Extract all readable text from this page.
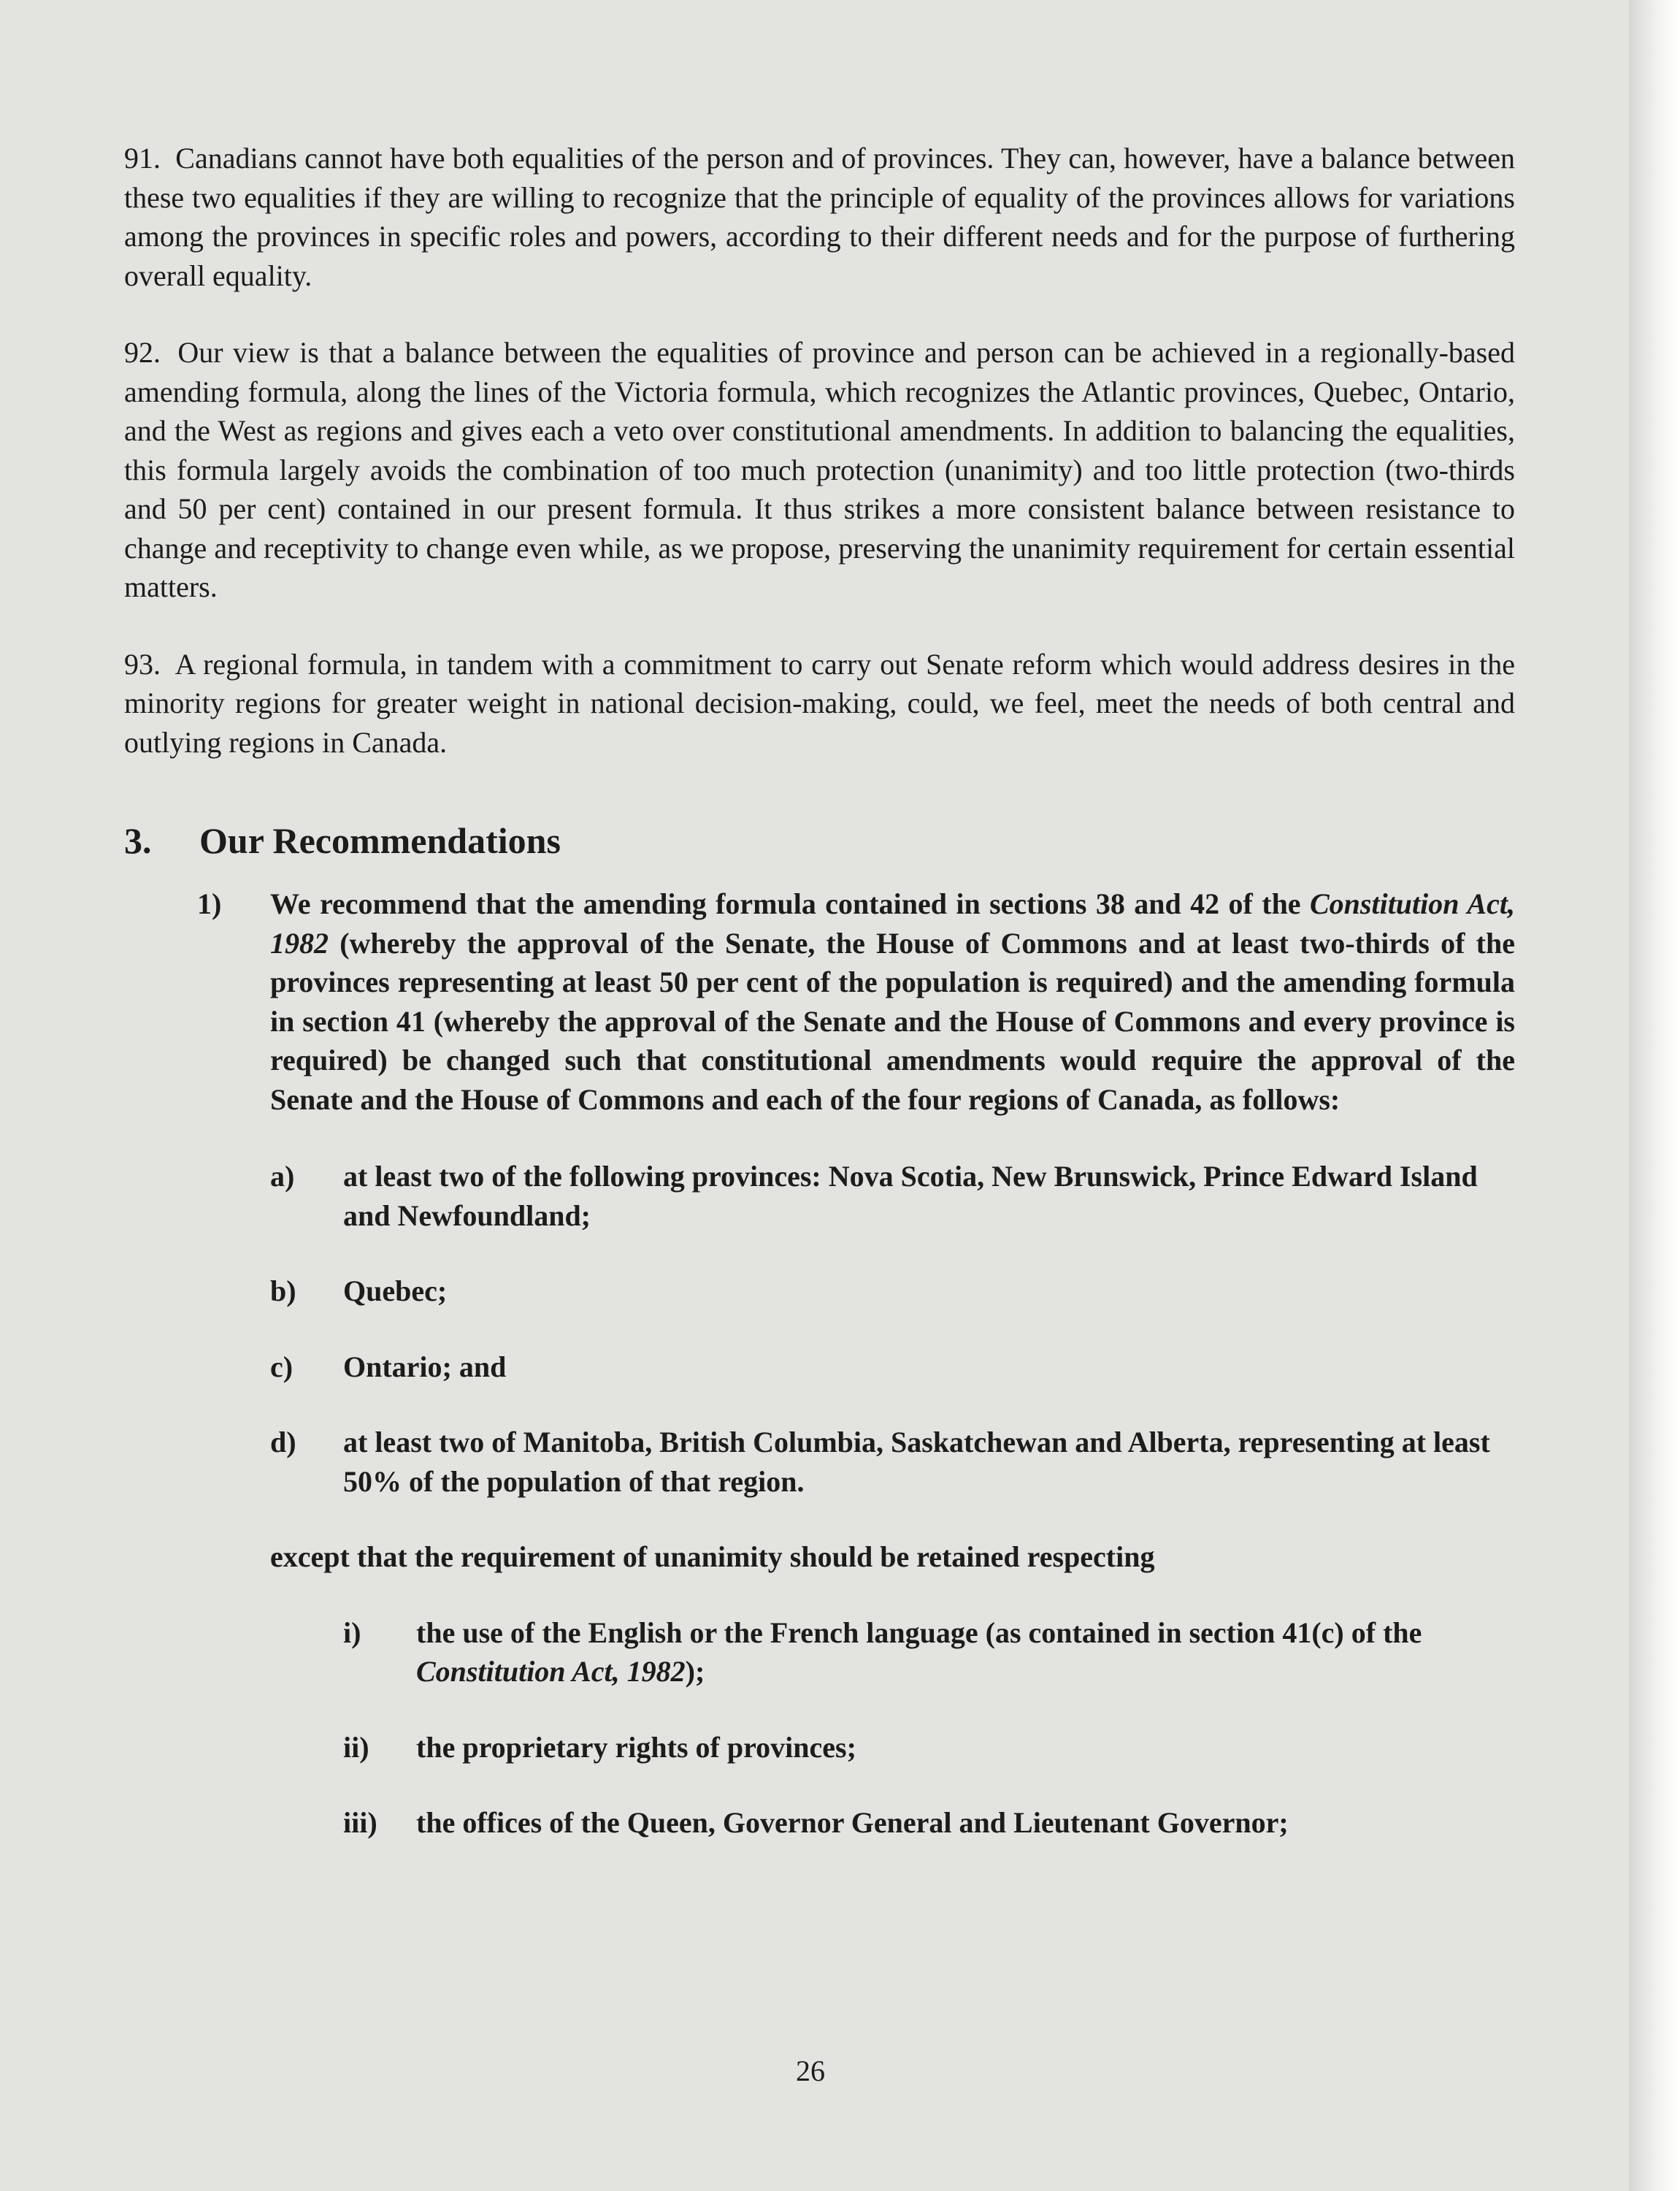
91. Canadians cannot have both equalities of the person and of provinces. They can, however, have a balance between these two equalities if they are willing to recognize that the principle of equality of the provinces allows for variations among the provinces in specific roles and powers, according to their different needs and for the purpose of furthering overall equality.

92. Our view is that a balance between the equalities of province and person can be achieved in a regionally-based amending formula, along the lines of the Victoria formula, which recognizes the Atlantic provinces, Quebec, Ontario, and the West as regions and gives each a veto over constitutional amendments. In addition to balancing the equalities, this formula largely avoids the combination of too much protection (unanimity) and too little protection (two-thirds and 50 per cent) contained in our present formula. It thus strikes a more consistent balance between resistance to change and receptivity to change even while, as we propose, preserving the unanimity requirement for certain essential matters.

93. A regional formula, in tandem with a commitment to carry out Senate reform which would address desires in the minority regions for greater weight in national decision-making, could, we feel, meet the needs of both central and outlying regions in Canada.

3. Our Recommendations
1) We recommend that the amending formula contained in sections 38 and 42 of the Constitution Act, 1982 (whereby the approval of the Senate, the House of Commons and at least two-thirds of the provinces representing at least 50 per cent of the population is required) and the amending formula in section 41 (whereby the approval of the Senate and the House of Commons and every province is required) be changed such that constitutional amendments would require the approval of the Senate and the House of Commons and each of the four regions of Canada, as follows:
a) at least two of the following provinces: Nova Scotia, New Brunswick, Prince Edward Island and Newfoundland;
b) Quebec;
c) Ontario; and
d) at least two of Manitoba, British Columbia, Saskatchewan and Alberta, representing at least 50% of the population of that region.
except that the requirement of unanimity should be retained respecting
i) the use of the English or the French language (as contained in section 41(c) of the Constitution Act, 1982);
ii) the proprietary rights of provinces;
iii) the offices of the Queen, Governor General and Lieutenant Governor;
26
